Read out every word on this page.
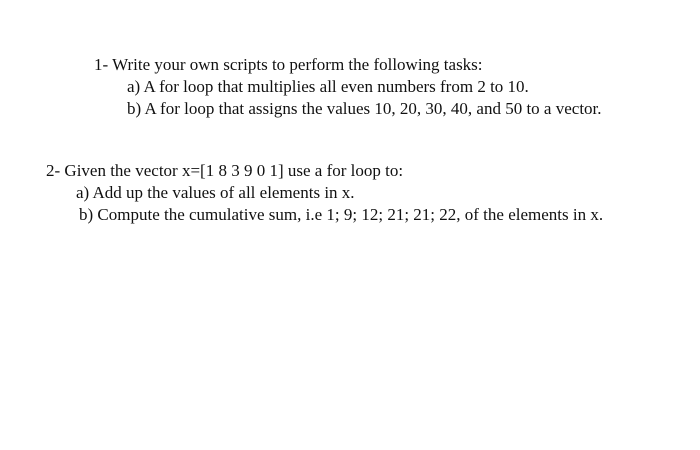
1- Write your own scripts to perform the following tasks:
a) A for loop that multiplies all even numbers from 2 to 10.
b) A for loop that assigns the values 10, 20, 30, 40, and 50 to a vector.
2- Given the vector x=[1 8 3 9 0 1] use a for loop to:
a) Add up the values of all elements in x.
b) Compute the cumulative sum, i.e 1; 9; 12; 21; 21; 22, of the elements in x.
